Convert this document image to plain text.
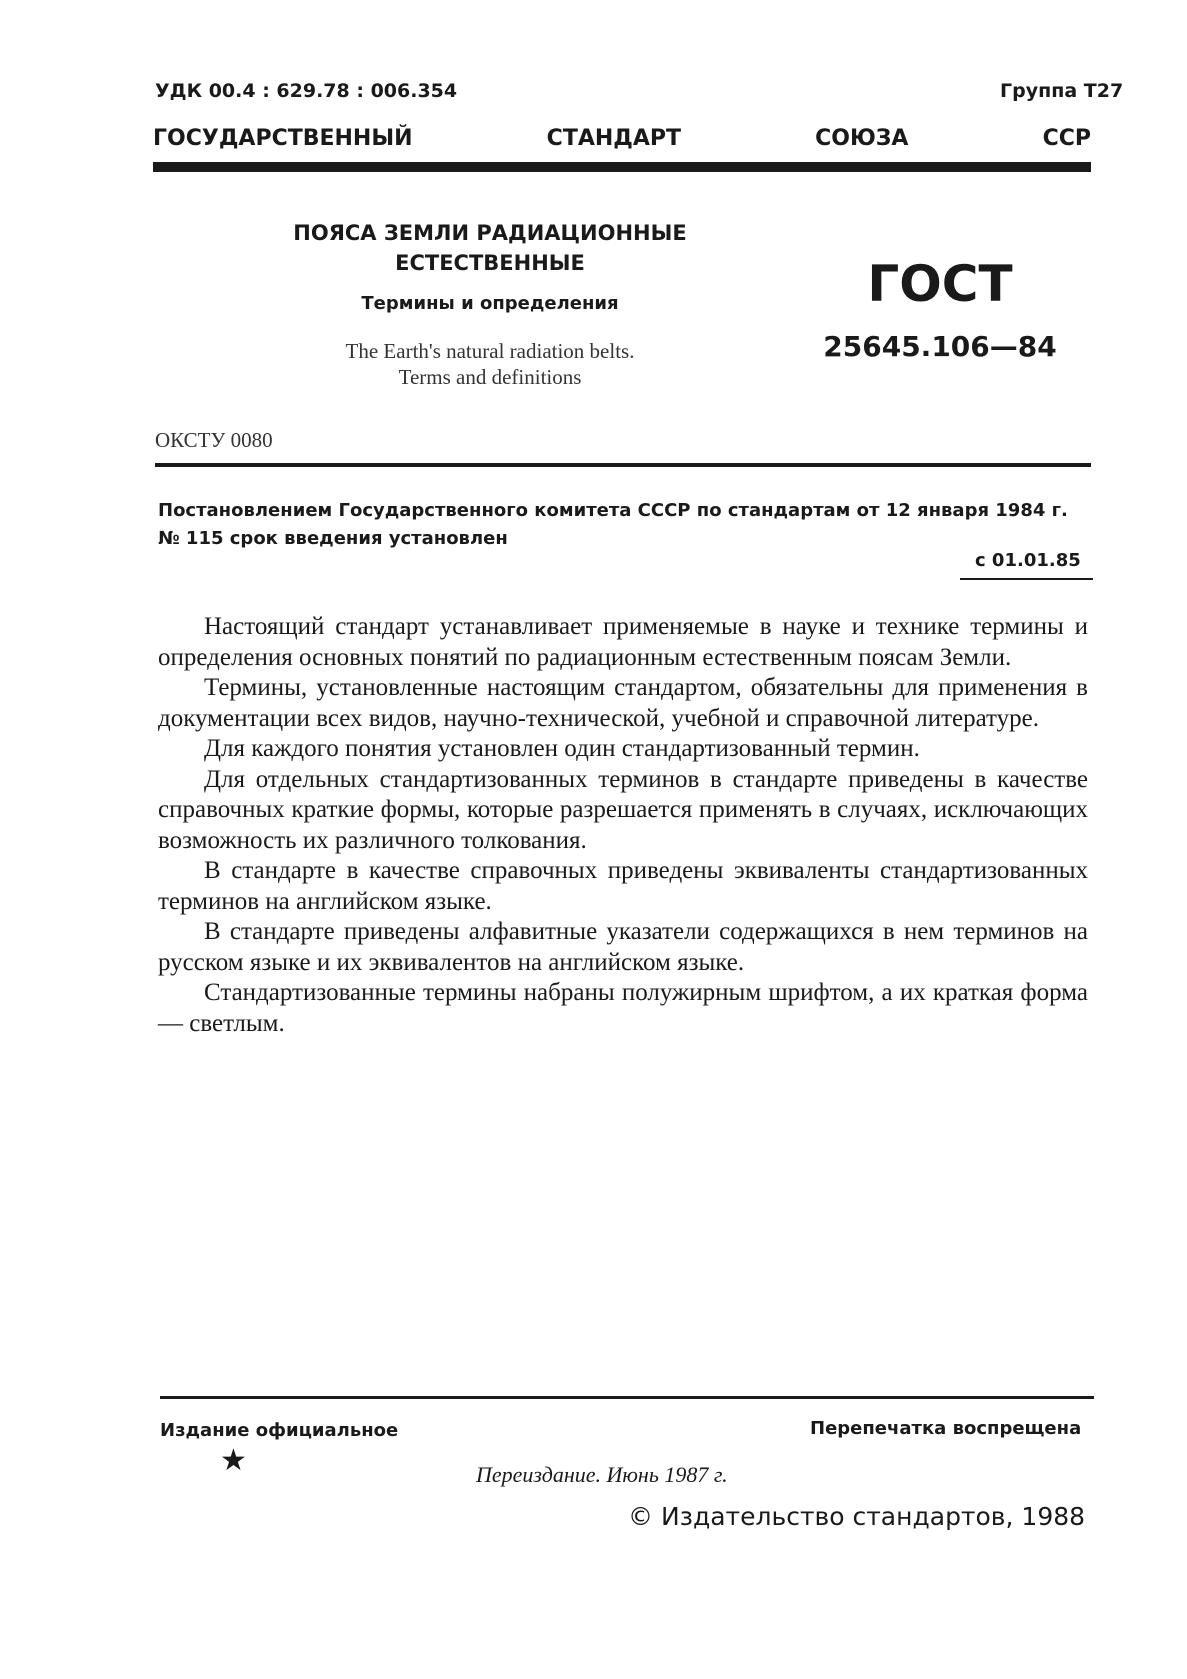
УДК 00.4 : 629.78 : 006.354	Группа Т27
ГОСУДАРСТВЕННЫЙ	СТАНДАРТ	СОЮЗА	ССР
ПОЯСА ЗЕМЛИ РАДИАЦИОННЫЕ ЕСТЕСТВЕННЫЕ
Термины и определения
The Earth's natural radiation belts.
Terms and definitions
ГОСТ
25645.106—84
ОКСТУ 0080
Постановлением Государственного комитета СССР по стандартам от 12 января 1984 г. № 115 срок введения установлен
с 01.01.85

Настоящий стандарт устанавливает применяемые в науке и технике термины и определения основных понятий по радиационным естественным поясам Земли.

Термины, установленные настоящим стандартом, обязательны для применения в документации всех видов, научно-технической, учебной и справочной литературе.

Для каждого понятия установлен один стандартизованный термин.

Для отдельных стандартизованных терминов в стандарте приведены в качестве справочных краткие формы, которые разрешается применять в случаях, исключающих возможность их различного толкования.

В стандарте в качестве справочных приведены эквиваленты стандартизованных терминов на английском языке.

В стандарте приведены алфавитные указатели содержащихся в нем терминов на русском языке и их эквивалентов на английском языке.

Стандартизованные термины набраны полужирным шрифтом, а их краткая форма — светлым.

Издание официальное	Перепечатка воспрещена
★	Переиздание. Июнь 1987 г.
© Издательство стандартов, 1988
